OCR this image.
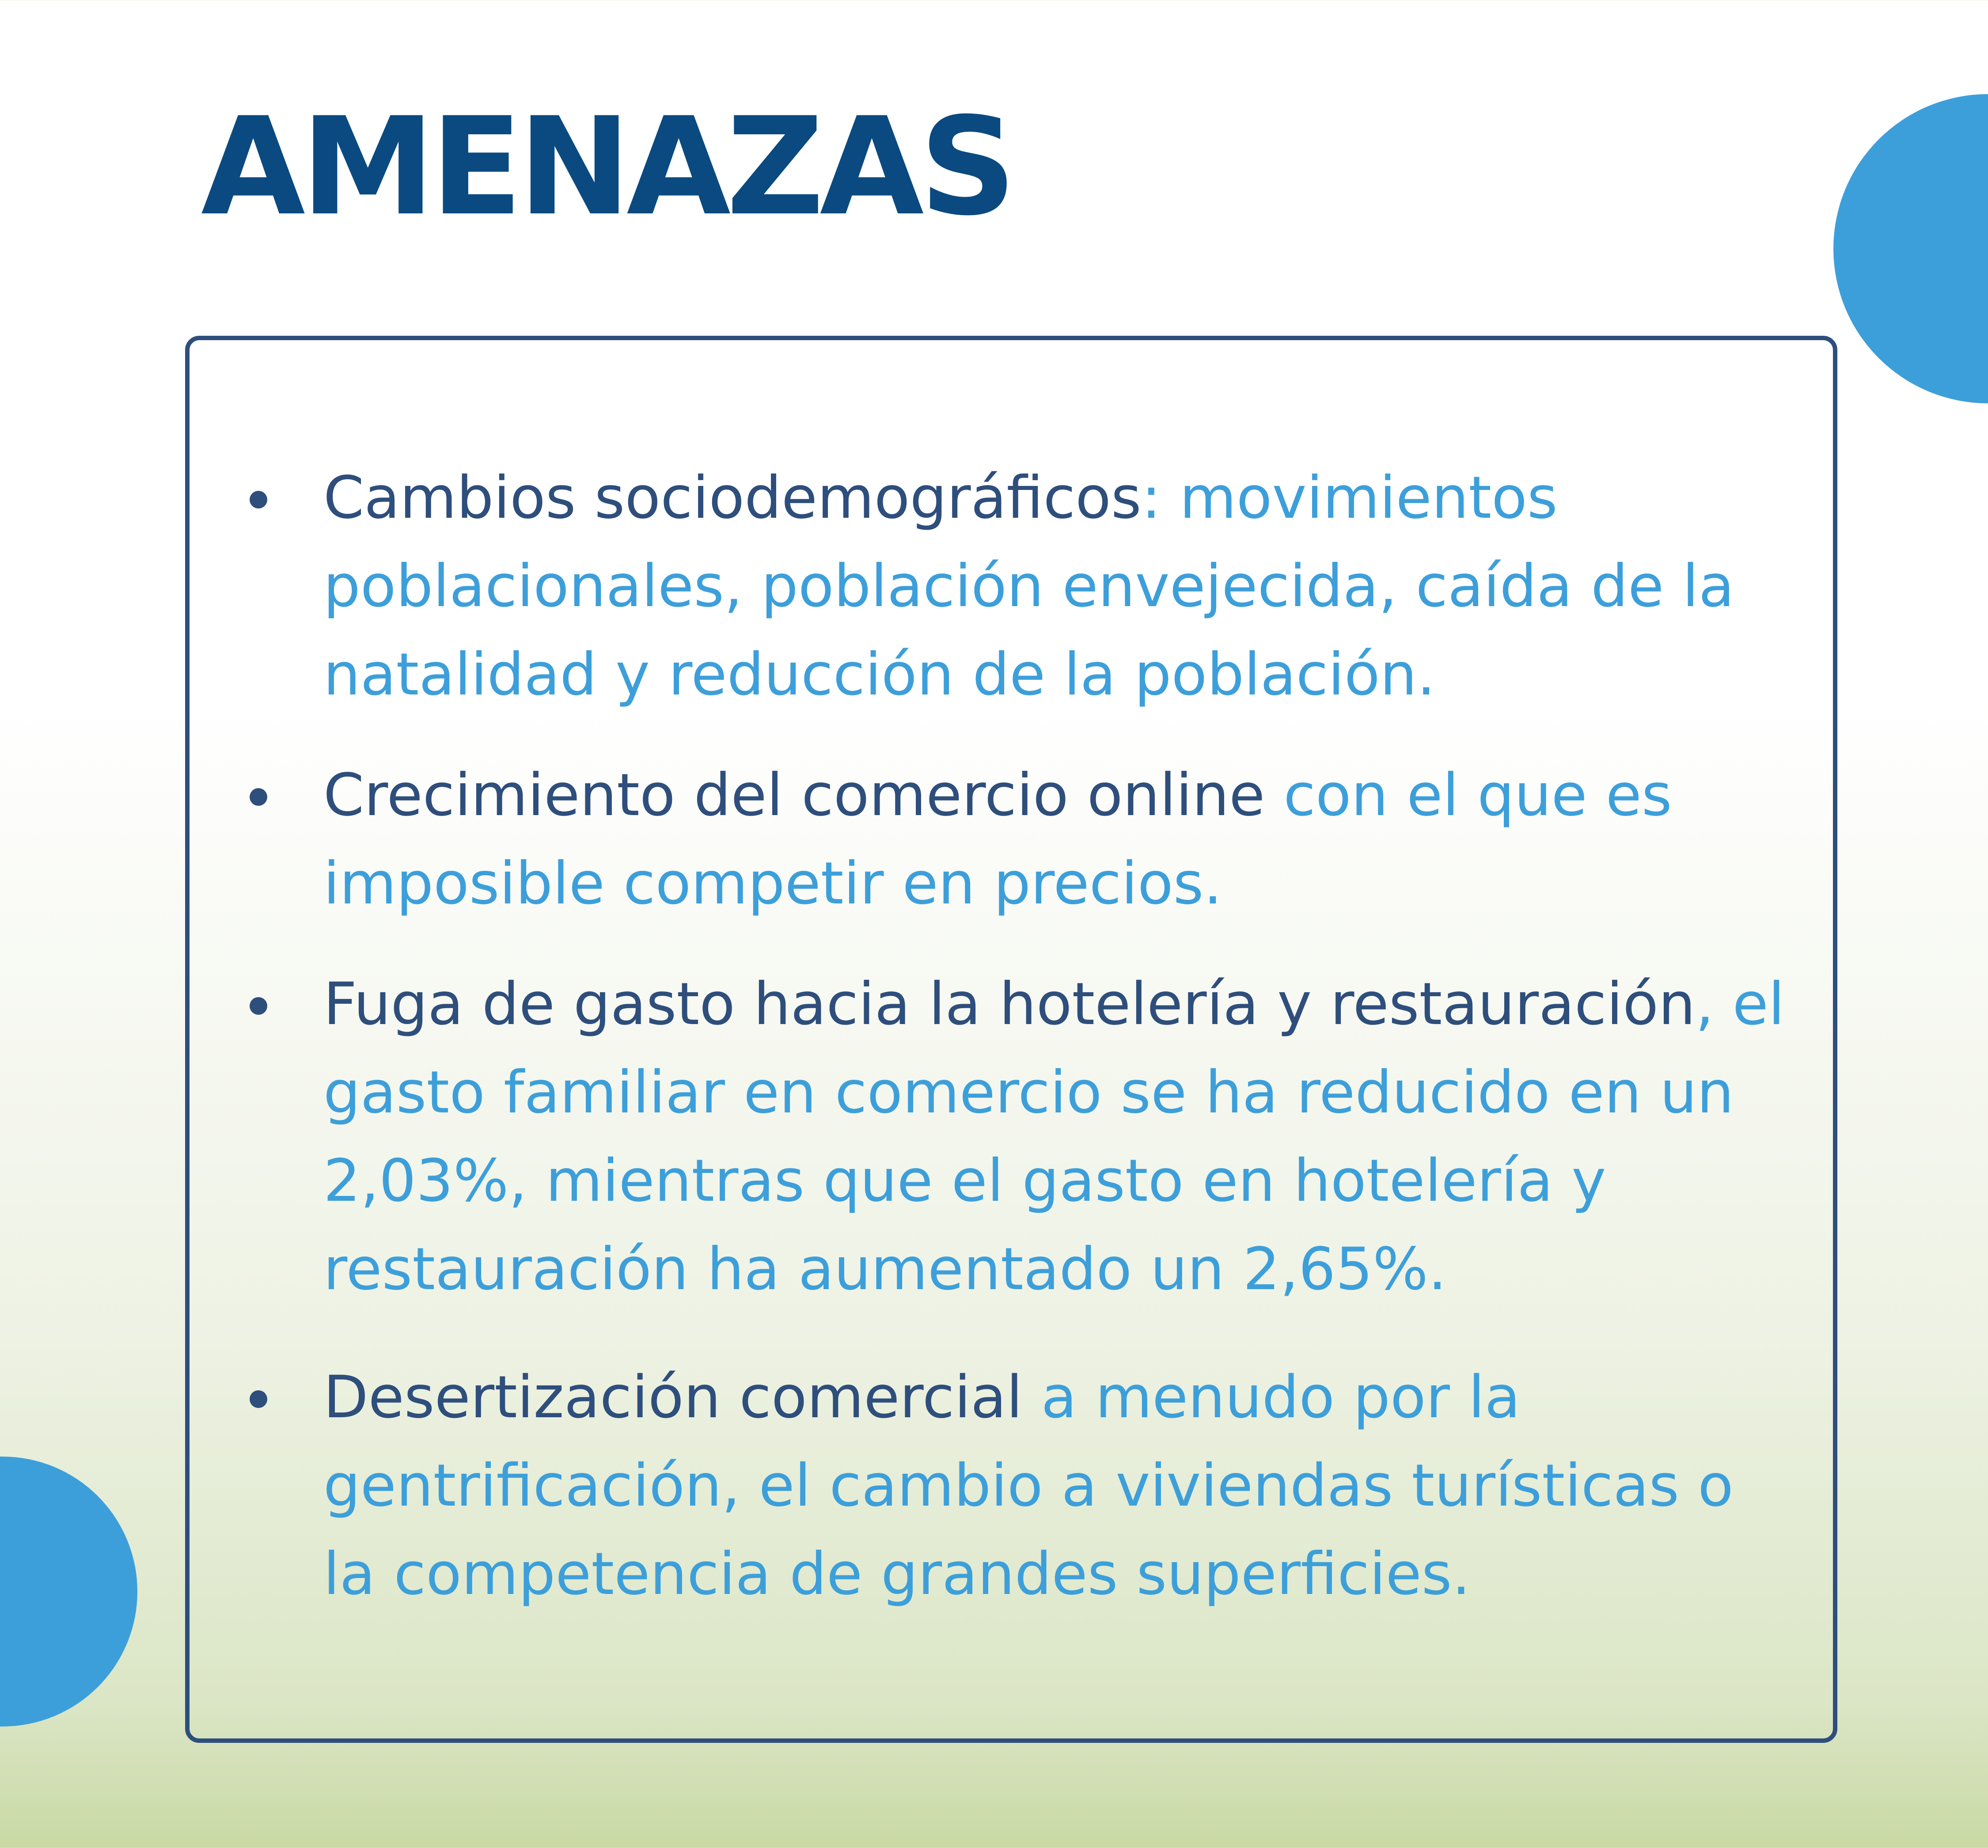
AMENAZAS
Cambios sociodemográficos: movimientos poblacionales, población envejecida, caída de la natalidad y reducción de la población.
Crecimiento del comercio online con el que es imposible competir en precios.
Fuga de gasto hacia la hotelería y restauración, el gasto familiar en comercio se ha reducido en un 2,03%, mientras que el gasto en hotelería y restauración ha aumentado un 2,65%.
Desertización comercial a menudo por la gentrificación, el cambio a viviendas turísticas o la competencia de grandes superficies.
